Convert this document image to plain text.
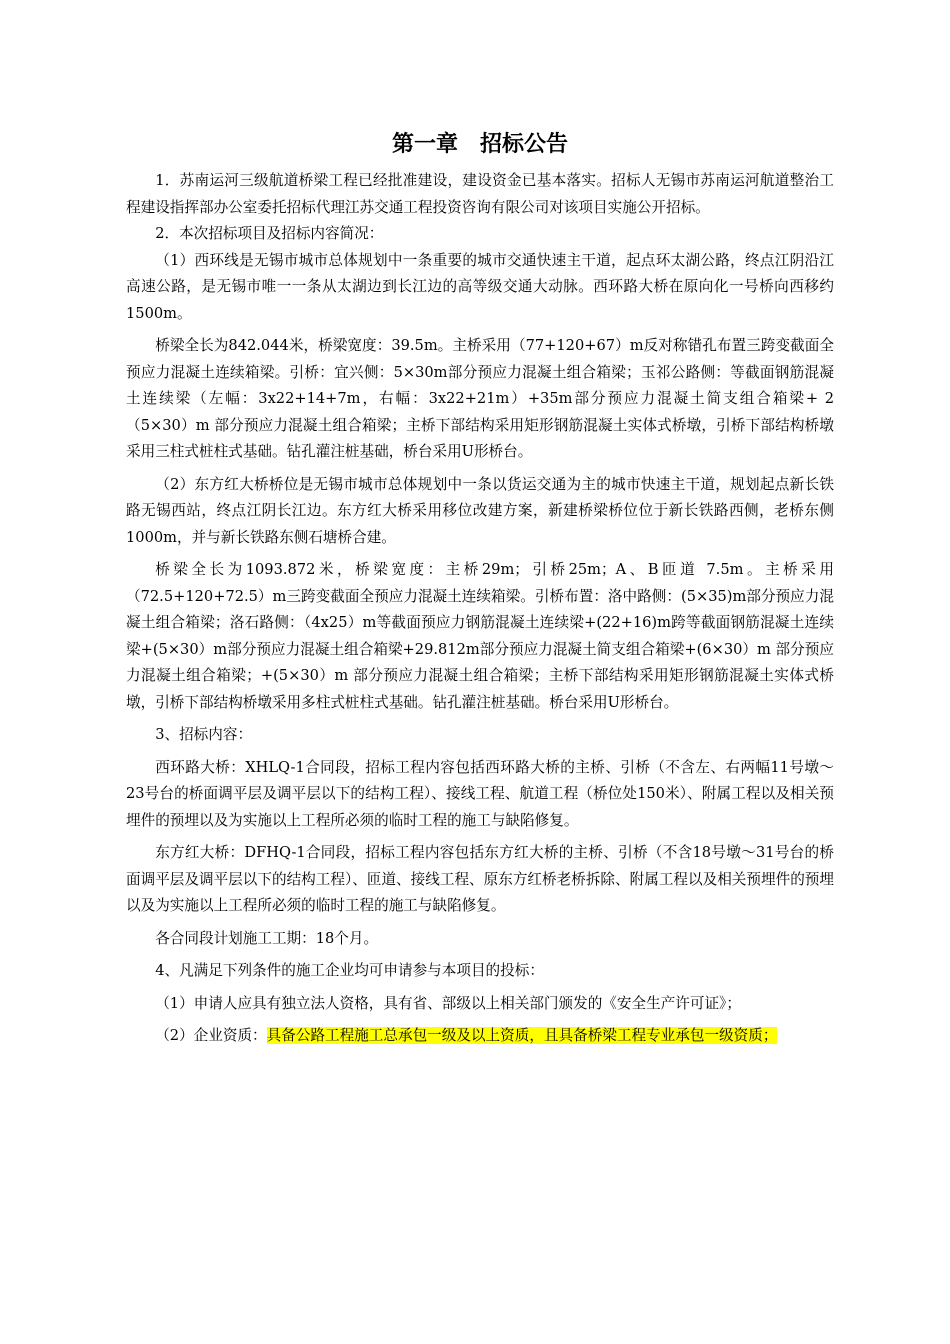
第一章　招标公告

1．苏南运河三级航道桥梁工程已经批准建设，建设资金已基本落实。招标人无锡市苏南运河航道整治工程建设指挥部办公室委托招标代理江苏交通工程投资咨询有限公司对该项目实施公开招标。

2．本次招标项目及招标内容简况：

（1）西环线是无锡市城市总体规划中一条重要的城市交通快速主干道，起点环太湖公路，终点江阴沿江高速公路，是无锡市唯一一条从太湖边到长江边的高等级交通大动脉。西环路大桥在原向化一号桥向西移约1500m。

桥梁全长为842.044米，桥梁宽度：39.5m。主桥采用（77+120+67）m反对称错孔布置三跨变截面全预应力混凝土连续箱梁。引桥：宜兴侧：5×30m部分预应力混凝土组合箱梁；玉祁公路侧：等截面钢筋混凝土连续梁（左幅：3x22+14+7m，右幅：3x22+21m）+35m部分预应力混凝土简支组合箱梁+ 2（5×30）m 部分预应力混凝土组合箱梁；主桥下部结构采用矩形钢筋混凝土实体式桥墩，引桥下部结构桥墩采用三柱式桩柱式基础。钻孔灌注桩基础，桥台采用U形桥台。

（2）东方红大桥桥位是无锡市城市总体规划中一条以货运交通为主的城市快速主干道，规划起点新长铁路无锡西站，终点江阴长江边。东方红大桥采用移位改建方案，新建桥梁桥位位于新长铁路西侧，老桥东侧1000m，并与新长铁路东侧石塘桥合建。

桥梁全长为1093.872米，桥梁宽度：主桥29m；引桥25m；A、B匝道 7.5m。主桥采用（72.5+120+72.5）m三跨变截面全预应力混凝土连续箱梁。引桥布置：洛中路侧：(5×35)m部分预应力混凝土组合箱梁；洛石路侧：（4x25）m等截面预应力钢筋混凝土连续梁+(22+16)m跨等截面钢筋混凝土连续梁+(5×30）m部分预应力混凝土组合箱梁+29.812m部分预应力混凝土简支组合箱梁+(6×30）m 部分预应力混凝土组合箱梁；+(5×30）m 部分预应力混凝土组合箱梁；主桥下部结构采用矩形钢筋混凝土实体式桥墩，引桥下部结构桥墩采用多柱式桩柱式基础。钻孔灌注桩基础。桥台采用U形桥台。

3、招标内容：

西环路大桥：XHLQ-1合同段，招标工程内容包括西环路大桥的主桥、引桥（不含左、右两幅11号墩～23号台的桥面调平层及调平层以下的结构工程）、接线工程、航道工程（桥位处150米）、附属工程以及相关预埋件的预埋以及为实施以上工程所必须的临时工程的施工与缺陷修复。

东方红大桥：DFHQ-1合同段，招标工程内容包括东方红大桥的主桥、引桥（不含18号墩～31号台的桥面调平层及调平层以下的结构工程）、匝道、接线工程、原东方红桥老桥拆除、附属工程以及相关预埋件的预埋以及为实施以上工程所必须的临时工程的施工与缺陷修复。

各合同段计划施工工期：18个月。

4、凡满足下列条件的施工企业均可申请参与本项目的投标：

（1）申请人应具有独立法人资格，具有省、部级以上相关部门颁发的《安全生产许可证》；

（2）企业资质：具备公路工程施工总承包一级及以上资质，且具备桥梁工程专业承包一级资质；
